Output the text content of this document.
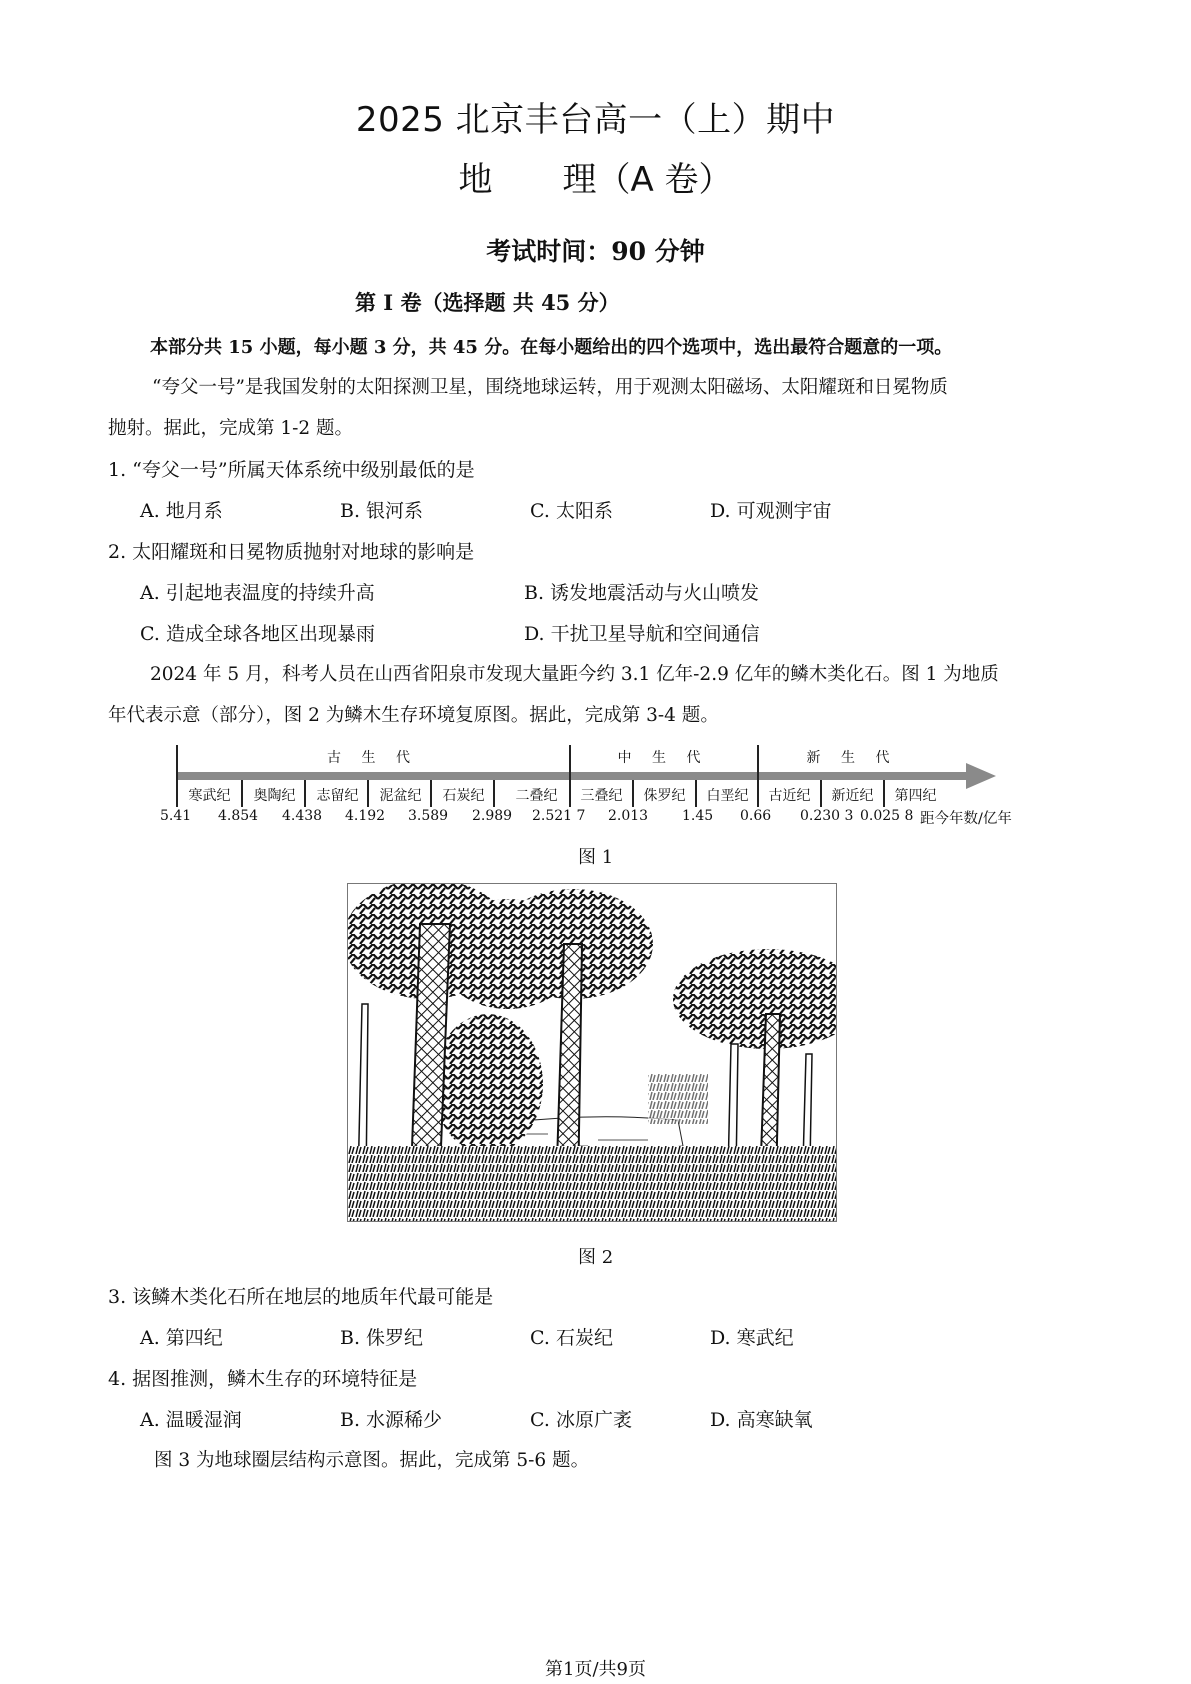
2025 北京丰台高一（上）期中
地 理（A 卷）
考试时间：90 分钟
第 I 卷（选择题 共 45 分）
本部分共 15 小题，每小题 3 分，共 45 分。在每小题给出的四个选项中，选出最符合题意的一项。
“夸父一号”是我国发射的太阳探测卫星，围绕地球运转，用于观测太阳磁场、太阳耀斑和日冕物质
抛射。据此，完成第 1-2 题。
1. “夸父一号”所属天体系统中级别最低的是
A. 地月系	B. 银河系	C. 太阳系	D. 可观测宇宙
2. 太阳耀斑和日冕物质抛射对地球的影响是
A. 引起地表温度的持续升高	B. 诱发地震活动与火山喷发
C. 造成全球各地区出现暴雨	D. 干扰卫星导航和空间通信
2024 年 5 月，科考人员在山西省阳泉市发现大量距今约 3.1 亿年-2.9 亿年的鳞木类化石。图 1 为地质
年代表示意（部分），图 2 为鳞木生存环境复原图。据此，完成第 3-4 题。
古 生 代	中 生 代	新 生 代
寒武纪	奥陶纪	志留纪	泥盆纪	石炭纪	二叠纪	三叠纪	侏罗纪	白垩纪	古近纪	新近纪	第四纪
5.41 4.854 4.438 4.192 3.589 2.989 2.521 7 2.013 1.45 0.66 0.230 3 0.025 8 距今年数/亿年
图 1
图 2
3. 该鳞木类化石所在地层的地质年代最可能是
A. 第四纪	B. 侏罗纪	C. 石炭纪	D. 寒武纪
4. 据图推测，鳞木生存的环境特征是
A. 温暖湿润	B. 水源稀少	C. 冰原广袤	D. 高寒缺氧
图 3 为地球圈层结构示意图。据此，完成第 5-6 题。
第1页/共9页
